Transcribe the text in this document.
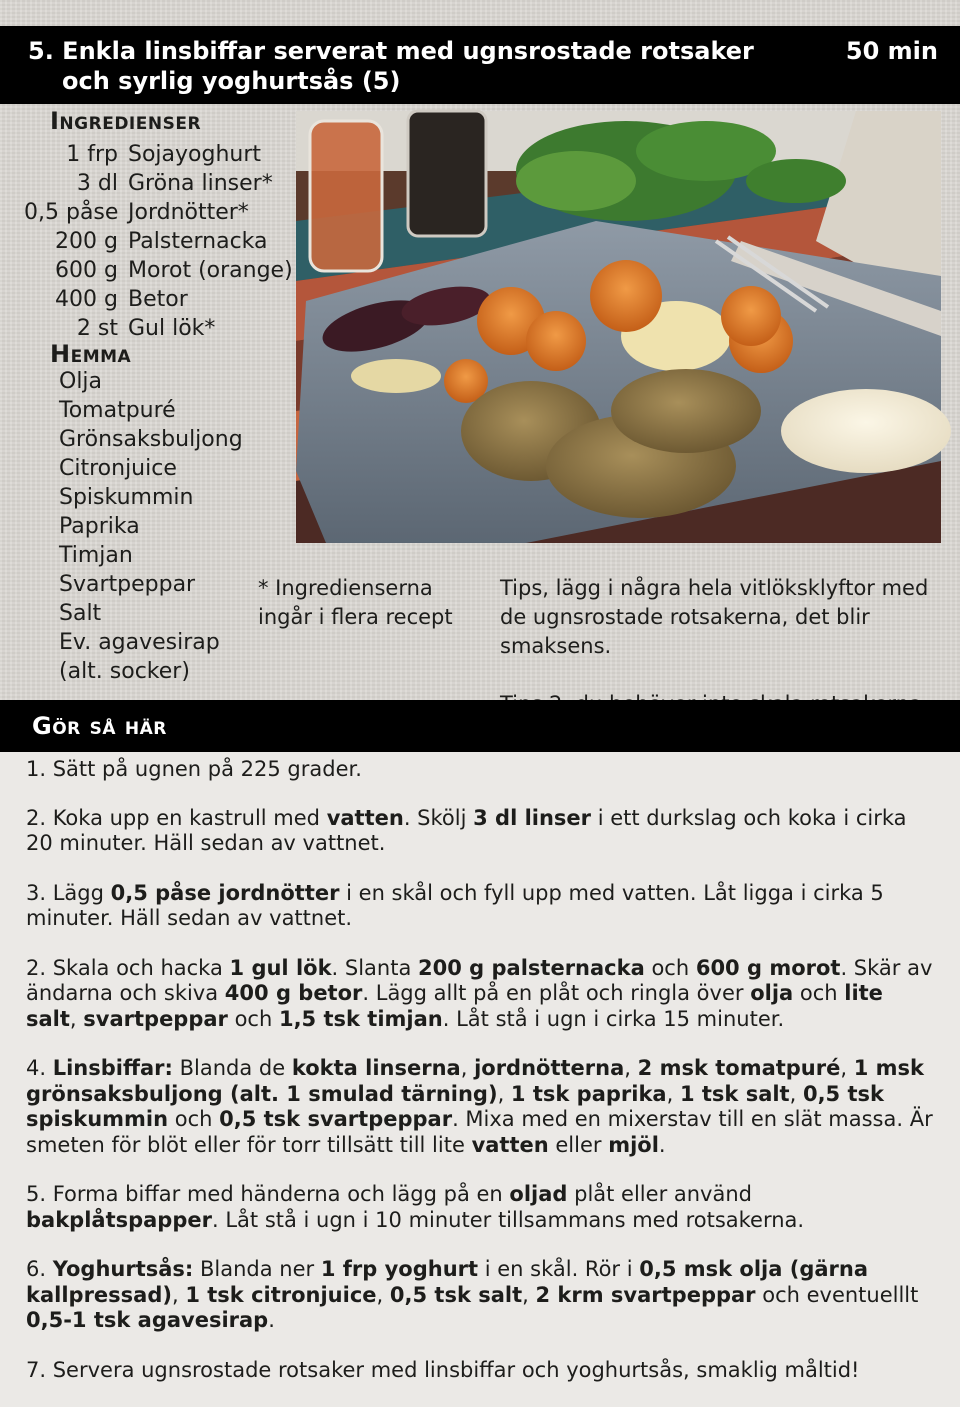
5. Enkla linsbiffar serverat med ugnsrostade rotsaker och syrlig yoghurtsås (5)
50 min
Ingredienser
1 frp Sojayoghurt
3 dl Gröna linser*
0,5 påse Jordnötter*
200 g Palsternacka
600 g Morot (orange)
400 g Betor
2 st Gul lök*
Hemma
Olja
Tomatpuré
Grönsaksbuljong
Citronjuice
Spiskummin
Paprika
Timjan
Svartpeppar
Salt
Ev. agavesirap
(alt. socker)
* Ingredienserna ingår i flera recept
Tips, lägg i några hela vitlöksklyftor med de ugnsrostade rotsakerna, det blir smaksens.
Gör så här
1. Sätt på ugnen på 225 grader.
2. Koka upp en kastrull med vatten. Skölj 3 dl linser i ett durkslag och koka i cirka 20 minuter. Häll sedan av vattnet.
3. Lägg 0,5 påse jordnötter i en skål och fyll upp med vatten. Låt ligga i cirka 5 minuter. Häll sedan av vattnet.
2. Skala och hacka 1 gul lök. Slanta 200 g palsternacka och 600 g morot. Skär av ändarna och skiva 400 g betor. Lägg allt på en plåt och ringla över olja och lite salt, svartpeppar och 1,5 tsk timjan. Låt stå i ugn i cirka 15 minuter.
4. Linsbiffar: Blanda de kokta linserna, jordnötterna, 2 msk tomatpuré, 1 msk grönsaksbuljong (alt. 1 smulad tärning), 1 tsk paprika, 1 tsk salt, 0,5 tsk spiskummin och 0,5 tsk svartpeppar. Mixa med en mixerstav till en slät massa. Är smeten för blöt eller för torr tillsätt till lite vatten eller mjöl.
5. Forma biffar med händerna och lägg på en oljad plåt eller använd bakplåtspapper. Låt stå i ugn i 10 minuter tillsammans med rotsakerna.
6. Yoghurtsås: Blanda ner 1 frp yoghurt i en skål. Rör i 0,5 msk olja (gärna kallpressad), 1 tsk citronjuice, 0,5 tsk salt, 2 krm svartpeppar och eventuelllt 0,5-1 tsk agavesirap.
7. Servera ugnsrostade rotsaker med linsbiffar och yoghurtsås, smaklig måltid!
